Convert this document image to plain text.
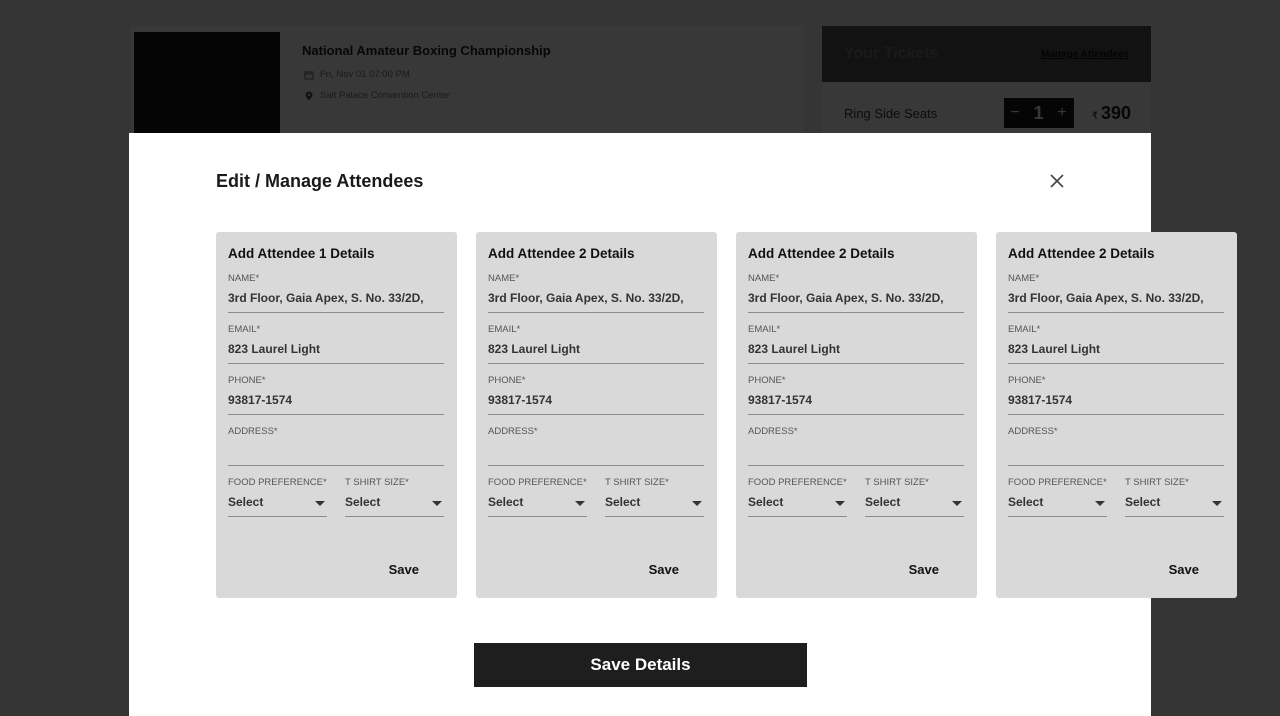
Edit / Manage Attendees
Add Attendee 1 Details
NAME*
3rd Floor, Gaia Apex, S. No. 33/2D,
EMAIL*
823 Laurel Light
PHONE*
93817-1574
ADDRESS*
FOOD PREFERENCE*
Select
T SHIRT SIZE*
Select
Save
Add Attendee 2 Details
NAME*
3rd Floor, Gaia Apex, S. No. 33/2D,
EMAIL*
823 Laurel Light
PHONE*
93817-1574
ADDRESS*
FOOD PREFERENCE*
Select
T SHIRT SIZE*
Select
Save
Add Attendee 2 Details
NAME*
3rd Floor, Gaia Apex, S. No. 33/2D,
EMAIL*
823 Laurel Light
PHONE*
93817-1574
ADDRESS*
FOOD PREFERENCE*
Select
T SHIRT SIZE*
Select
Save
Add Attendee 2 Details
NAME*
3rd Floor, Gaia Apex, S. No. 33/2D,
EMAIL*
823 Laurel Light
PHONE*
93817-1574
ADDRESS*
FOOD PREFERENCE*
Select
T SHIRT SIZE*
Select
Save
Save Details
